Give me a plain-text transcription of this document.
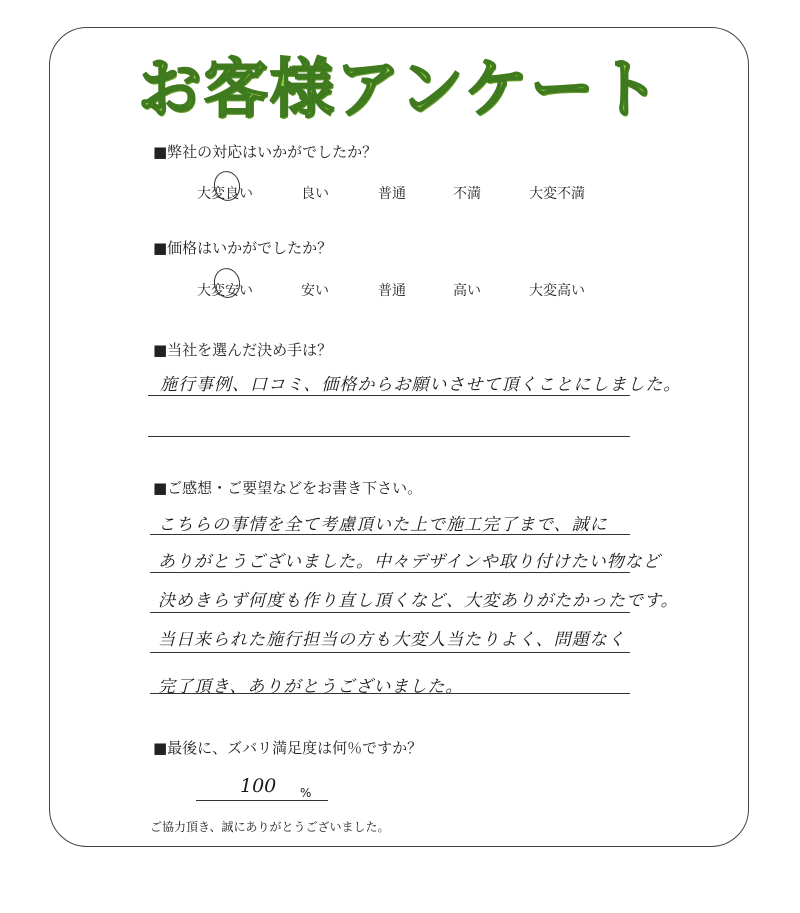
お客様アンケート
■弊社の対応はいかがでしたか？
大変良い	良い	普通	不満	大変不満
■価格はいかがでしたか？
大変安い	安い	普通	高い	大変高い
■当社を選んだ決め手は？
施行事例、口コミ、価格からお願いさせて頂くことにしました。
■ご感想・ご要望などをお書き下さい。
こちらの事情を全て考慮頂いた上で施工完了まで、誠に
ありがとうございました。中々デザインや取り付けたい物など
決めきらず何度も作り直し頂くなど、大変ありがたかったです。
当日来られた施行担当の方も大変人当たりよく、問題なく
完了頂き、ありがとうございました。
■最後に、ズバリ満足度は何％ですか？
100 %
ご協力頂き、誠にありがとうございました。
